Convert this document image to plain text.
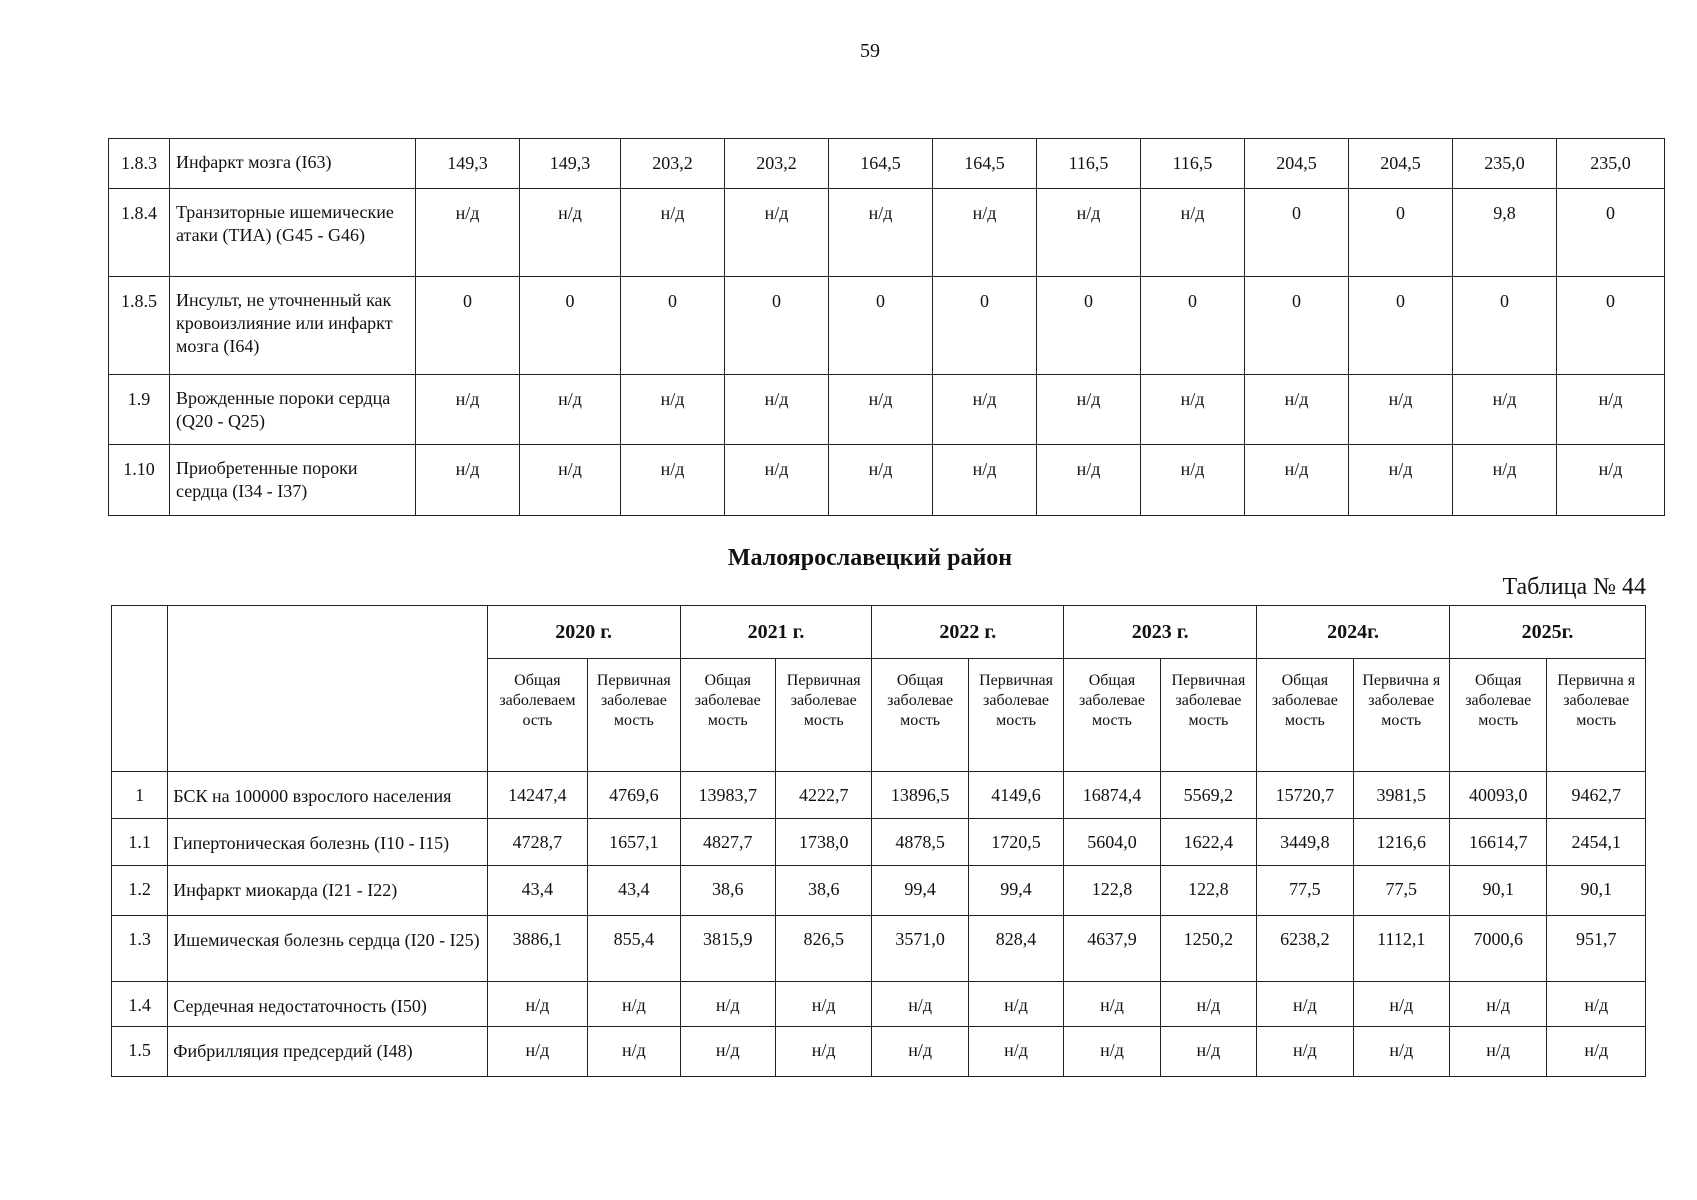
59
1.8.3	Инфаркт мозга (I63)	149,3	149,3	203,2	203,2	164,5	164,5	116,5	116,5	204,5	204,5	235,0	235,0
1.8.4	Транзиторные ишемические атаки (ТИА) (G45 - G46)	н/д	н/д	н/д	н/д	н/д	н/д	н/д	н/д	0	0	9,8	0
1.8.5	Инсульт, не уточненный как кровоизлияние или инфаркт мозга (I64)	0	0	0	0	0	0	0	0	0	0	0	0
1.9	Врожденные пороки сердца (Q20 - Q25)	н/д	н/д	н/д	н/д	н/д	н/д	н/д	н/д	н/д	н/д	н/д	н/д
1.10	Приобретенные пороки сердца (I34 - I37)	н/д	н/д	н/д	н/д	н/д	н/д	н/д	н/д	н/д	н/д	н/д	н/д
Малоярославецкий район
Таблица № 44
		2020 г.		2021 г.		2022 г.		2023 г.		2024г.		2025г.	
		Общая заболеваем ость	Первичная заболевае мость	Общая заболевае мость	Первичная заболевае мость	Общая заболевае мость	Первичная заболевае мость	Общая заболевае мость	Первичная заболевае мость	Общая заболевае мость	Первична я заболевае мость	Общая заболевае мость	Первична я заболевае мость
1	БСК на 100000 взрослого населения	14247,4	4769,6	13983,7	4222,7	13896,5	4149,6	16874,4	5569,2	15720,7	3981,5	40093,0	9462,7
1.1	Гипертоническая болезнь (I10 - I15)	4728,7	1657,1	4827,7	1738,0	4878,5	1720,5	5604,0	1622,4	3449,8	1216,6	16614,7	2454,1
1.2	Инфаркт миокарда (I21 - I22)	43,4	43,4	38,6	38,6	99,4	99,4	122,8	122,8	77,5	77,5	90,1	90,1
1.3	Ишемическая болезнь сердца (I20 - I25)	3886,1	855,4	3815,9	826,5	3571,0	828,4	4637,9	1250,2	6238,2	1112,1	7000,6	951,7
1.4	Сердечная недостаточность (I50)	н/д	н/д	н/д	н/д	н/д	н/д	н/д	н/д	н/д	н/д	н/д	н/д
1.5	Фибрилляция предсердий (I48)	н/д	н/д	н/д	н/д	н/д	н/д	н/д	н/д	н/д	н/д	н/д	н/д
